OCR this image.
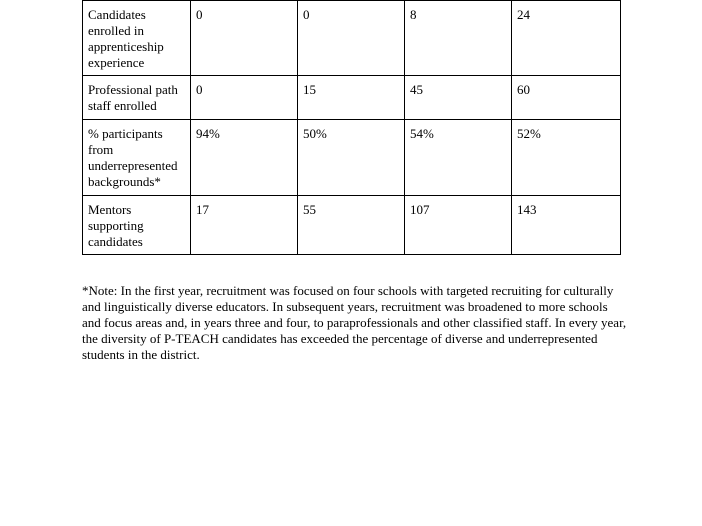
Candidates enrolled in apprenticeship experience	0	0	8	24
Professional path staff enrolled	0	15	45	60
% participants from underrepresented backgrounds*	94%	50%	54%	52%
Mentors supporting candidates	17	55	107	143

*Note: In the first year, recruitment was focused on four schools with targeted recruiting for culturally and linguistically diverse educators. In subsequent years, recruitment was broadened to more schools and focus areas and, in years three and four, to paraprofessionals and other classified staff. In every year, the diversity of P-TEACH candidates has exceeded the percentage of diverse and underrepresented students in the district.
